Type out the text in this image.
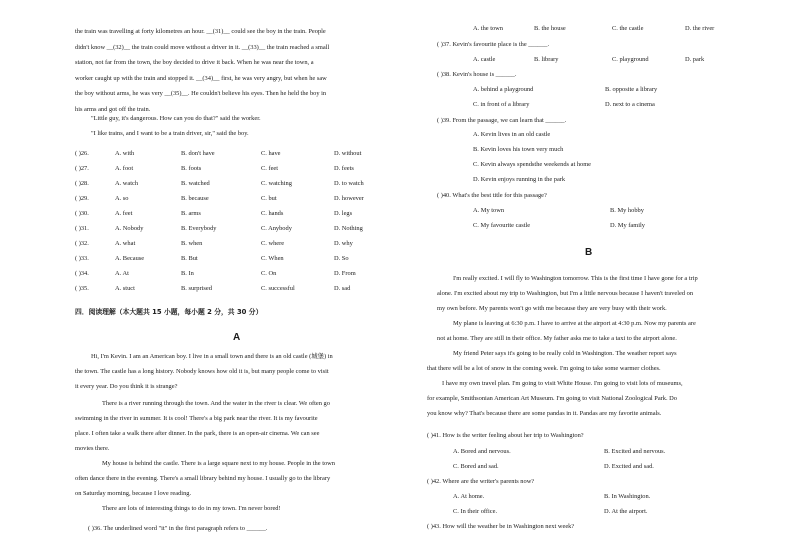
the train was travelling at forty kilometres an hour. __(31)__ could see the boy in the train. People
didn't know __(32)__ the train could move without a driver in it. __(33)__ the train reached a small
station, not far from the town, the boy decided to drive it back. When he was near the town, a
worker caught up with the train and stopped it. __(34)__ first, he was very angry, but when he saw
the boy without arms, he was very __(35)__. He couldn't believe his eyes. Then he held the boy in
his arms and got off the train.
"Little guy, it's dangerous. How can you do that?" said the worker.
"I like trains, and I want to be a train driver, sir," said the boy.
( )26.	A. with	B. don't have	C. have	D. without
( )27.	A. foot	B. foots	C. feet	D. feets
( )28.	A. watch	B. watched	C. watching	D. to watch
( )29.	A. so	B. because	C. but	D. however
( )30.	A. feet	B. arms	C. hands	D. legs
( )31.	A. Nobody	B. Everybody	C. Anybody	D. Nothing
( )32.	A. what	B. when	C. where	D. why
( )33.	A. Because	B. But	C. When	D. So
( )34.	A. At	B. In	C. On	D. From
( )35.	A. stuct	B. surprised	C. successful	D. sad
四．阅读理解（本大题共 15 小题，每小题 2 分，共 30 分）
A
Hi, I'm Kevin. I am an American boy. I live in a small town and there is an old castle (城堡) in
the town. The castle has a long history. Nobody knows how old it is, but many people come to visit
it every year. Do you think it is strange?
There is a river running through the town. And the water in the river is clear. We often go
swimming in the river in summer. It is cool! There's a big park near the river. It is my favourite
place. I often take a walk there after dinner. In the park, there is an open-air cinema. We can see
movies there.
My house is behind the castle. There is a large square next to my house. People in the town
often dance there in the evening. There's a small library behind my house. I usually go to the library
on Saturday morning, because I love reading.
There are lots of interesting things to do in my town. I'm never bored!
( )36. The underlined word "it" in the first paragraph refers to ______.
A. the town	B. the house	C. the castle	D. the river
( )37. Kevin's favourite place is the ______.
A. castle	B. library	C. playground	D. park
( )38. Kevin's house is ______.
A. behind a playground	B. opposite a library
C. in front of a library	D. next to a cinema
( )39. From the passage, we can learn that ______.
A. Kevin lives in an old castle
B. Kevin loves his town very much
C. Kevin always spendsthe weekends at home
D. Kevin enjoys running in the park
( )40. What's the best title for this passage?
A. My town	B. My hobby
C. My favourite castle	D. My family
B
I'm really excited. I will fly to Washington tomorrow. This is the first time I have gone for a trip
alone. I'm excited about my trip to Washington, but I'm a little nervous because I haven't traveled on
my own before. My parents won't go with me because they are very busy with their work.
My plane is leaving at 6:30 p.m. I have to arrive at the airport at 4:30 p.m. Now my parents are
not at home. They are still in their office. My father asks me to take a taxi to the airport alone.
My friend Peter says it's going to be really cold in Washington. The weather report says
that there will be a lot of snow in the coming week. I'm going to take some warmer clothes.
I have my own travel plan. I'm going to visit White House. I'm going to visit lots of museums,
for example, Smithsonian American Art Museum. I'm going to visit National Zoological Park. Do
you know why? That's because there are some pandas in it. Pandas are my favorite animals.
( )41. How is the writer feeling about her trip to Washington?
A. Bored and nervous.	B. Excited and nervous.
C. Bored and sad.	D. Excited and sad.
( )42. Where are the writer's parents now?
A. At home.	B. In Washington.
C. In their office.	D. At the airport.
( )43. How will the weather be in Washington next week?
